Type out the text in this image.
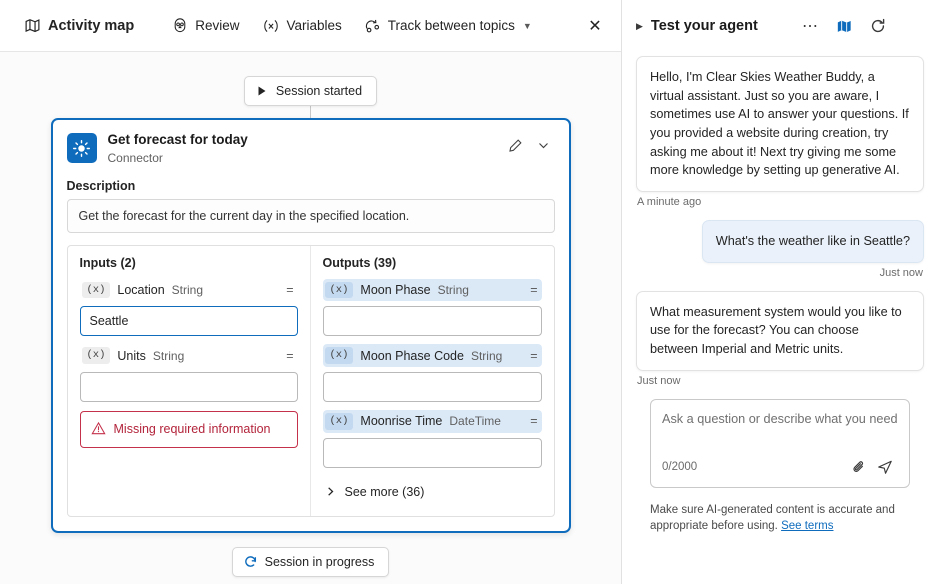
Activity map	Review	Variables	Track between topics ▼	✕
Session started
Get forecast for today
Connector
Description
Get the forecast for the current day in the specified location.
Inputs (2)
(x) Location String	=
Seattle
(x) Units String	=
Missing required information
Outputs (39)
(x) Moon Phase String	=
(x) Moon Phase Code String =
(x) Moonrise Time DateTime =
See more (36)
Session in progress
▶ Test your agent	⋯
Hello, I'm Clear Skies Weather Buddy, a virtual assistant. Just so you are aware, I sometimes use AI to answer your questions. If you provided a website during creation, try asking me about it! Next try giving me some more knowledge by setting up generative AI.
A minute ago
What's the weather like in Seattle?
Just now
What measurement system would you like to use for the forecast? You can choose between Imperial and Metric units.
Just now
Ask a question or describe what you need
0/2000
Make sure AI-generated content is accurate and appropriate before using. See terms
